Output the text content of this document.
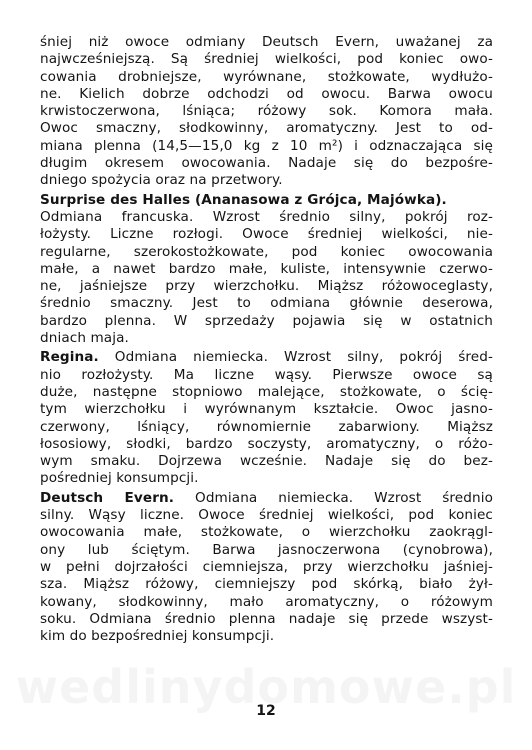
śniej niż owoce odmiany Deutsch Evern, uważanej za
najwcześniejszą. Są średniej wielkości, pod koniec owo-
cowania drobniejsze, wyrównane, stożkowate, wydłużo-
ne. Kielich dobrze odchodzi od owocu. Barwa owocu
krwistoczerwona, lśniąca; różowy sok. Komora mała.
Owoc smaczny, słodkowinny, aromatyczny. Jest to od-
miana plenna (14,5—15,0 kg z 10 m²) i odznaczająca się
długim okresem owocowania. Nadaje się do bezpośre-
dniego spożycia oraz na przetwory.
Surprise des Halles (Ananasowa z Grójca, Majówka).
Odmiana francuska. Wzrost średnio silny, pokrój roz-
łożysty. Liczne rozłogi. Owoce średniej wielkości, nie-
regularne, szerokostożkowate, pod koniec owocowania
małe, a nawet bardzo małe, kuliste, intensywnie czerwo-
ne, jaśniejsze przy wierzchołku. Miąższ różowoceglasty,
średnio smaczny. Jest to odmiana głównie deserowa,
bardzo plenna. W sprzedaży pojawia się w ostatnich
dniach maja.
Regina. Odmiana niemiecka. Wzrost silny, pokrój śred-
nio rozłożysty. Ma liczne wąsy. Pierwsze owoce są
duże, następne stopniowo malejące, stożkowate, o ścię-
tym wierzchołku i wyrównanym kształcie. Owoc jasno-
czerwony, lśniący, równomiernie zabarwiony. Miąższ
łososiowy, słodki, bardzo soczysty, aromatyczny, o różo-
wym smaku. Dojrzewa wcześnie. Nadaje się do bez-
pośredniej konsumpcji.
Deutsch Evern. Odmiana niemiecka. Wzrost średnio
silny. Wąsy liczne. Owoce średniej wielkości, pod koniec
owocowania małe, stożkowate, o wierzchołku zaokrągl-
ony lub ściętym. Barwa jasnoczerwona (cynobrowa),
w pełni dojrzałości ciemniejsza, przy wierzchołku jaśniej-
sza. Miąższ różowy, ciemniejszy pod skórką, biało żył-
kowany, słodkowinny, mało aromatyczny, o różowym
soku. Odmiana średnio plenna nadaje się przede wszyst-
kim do bezpośredniej konsumpcji.
12
